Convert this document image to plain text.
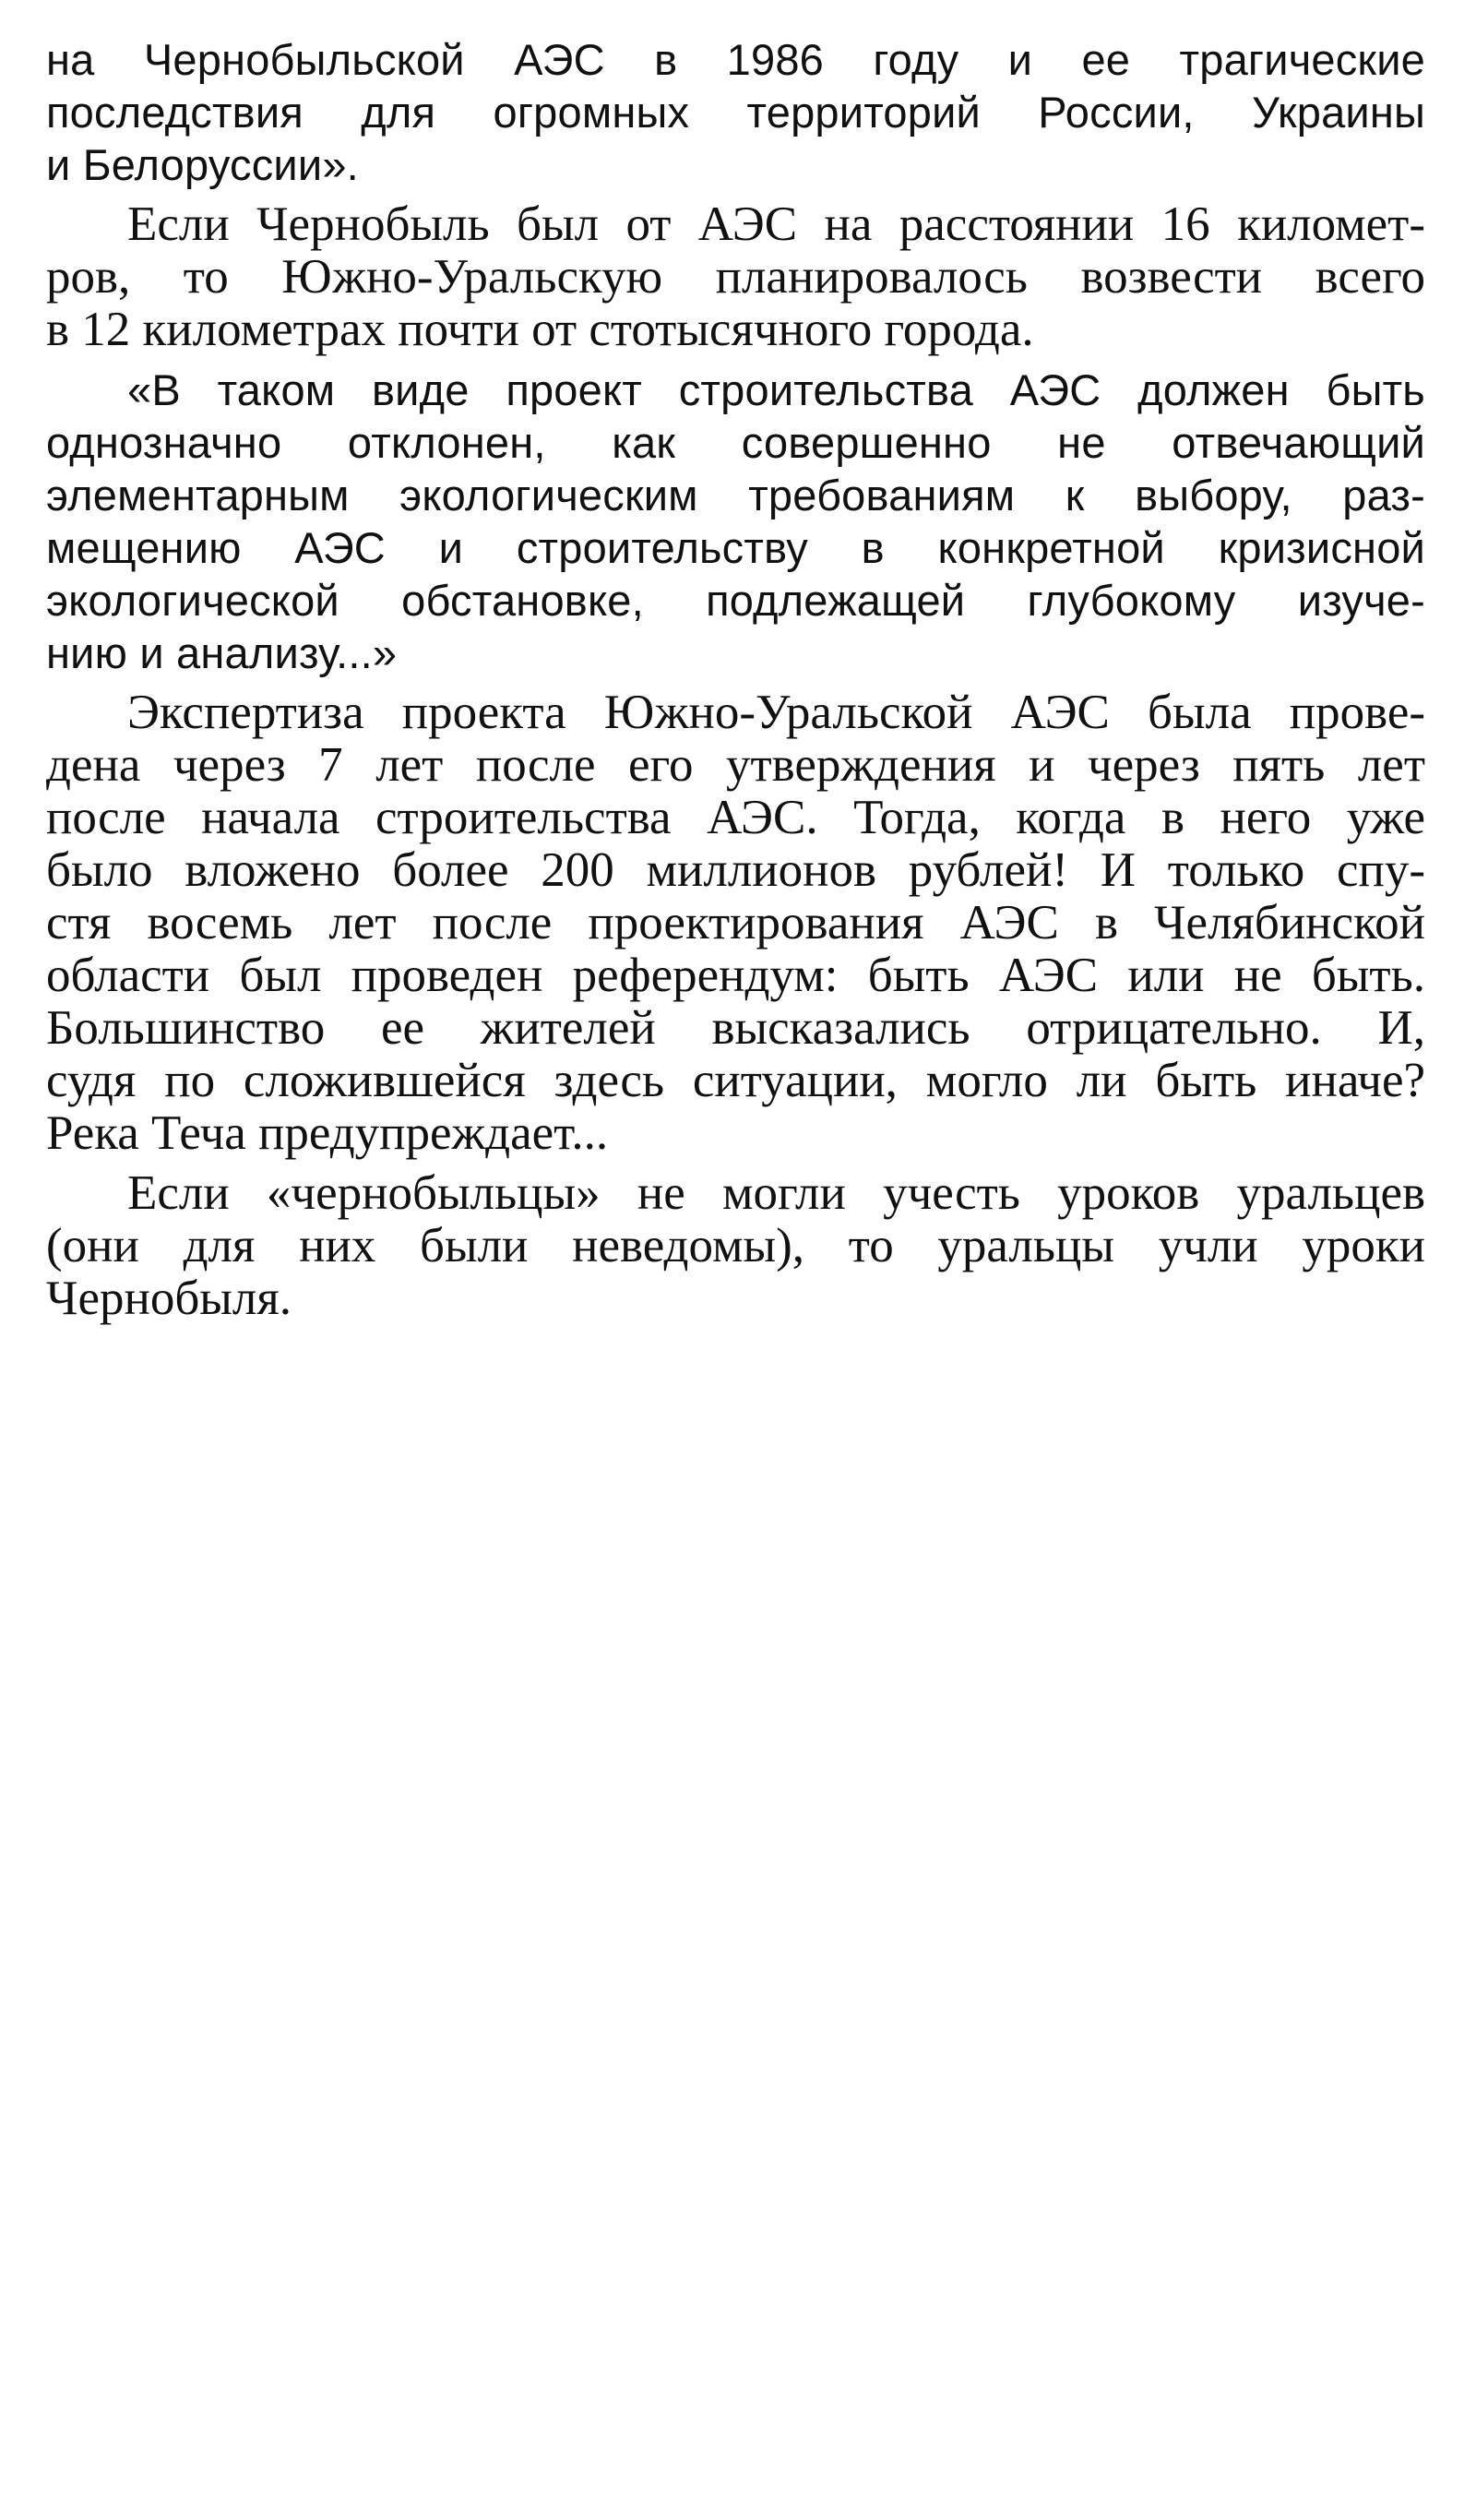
на Чернобыльской АЭС в 1986 году и ее трагические
последствия для огромных территорий России, Украины
и Белоруссии».
Если Чернобыль был от АЭС на расстоянии 16 километ-
ров, то Южно-Уральскую планировалось возвести всего
в 12 километрах почти от стотысячного города.
«В таком виде проект строительства АЭС должен быть
однозначно отклонен, как совершенно не отвечающий
элементарным экологическим требованиям к выбору, раз-
мещению АЭС и строительству в конкретной кризисной
экологической обстановке, подлежащей глубокому изуче-
нию и анализу...»
Экспертиза проекта Южно-Уральской АЭС была прове-
дена через 7 лет после его утверждения и через пять лет
после начала строительства АЭС. Тогда, когда в него уже
было вложено более 200 миллионов рублей! И только спу-
стя восемь лет после проектирования АЭС в Челябинской
области был проведен референдум: быть АЭС или не быть.
Большинство ее жителей высказались отрицательно. И,
судя по сложившейся здесь ситуации, могло ли быть иначе?
Река Теча предупреждает...
Если «чернобыльцы» не могли учесть уроков уральцев
(они для них были неведомы), то уральцы учли уроки
Чернобыля.
